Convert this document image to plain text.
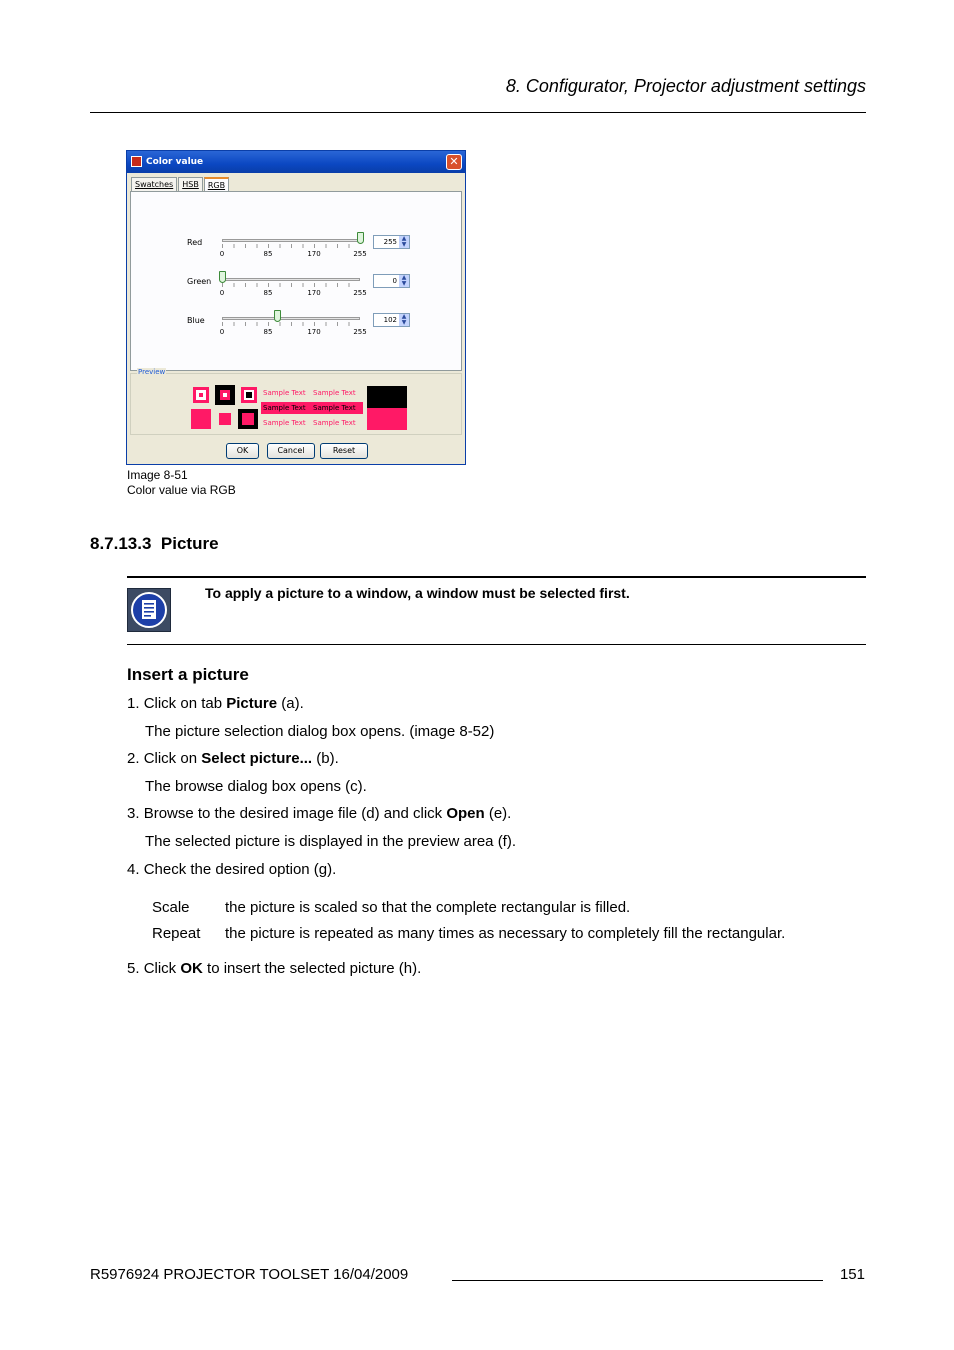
8. Configurator, Projector adjustment settings
Color value	✕
Swatches	HSB	RGB
Red
0	85	170	255
255 ▲
▼
Green
0	85	170	255
0 ▲
▼
Blue
0	85	170	255
102 ▲
▼
Preview
Sample Text Sample Text
Sample Text Sample Text
Sample Text Sample Text
OK	Cancel	Reset
Image 8-51
Color value via RGB
8.7.13.3 Picture
To apply a picture to a window, a window must be selected first.
Insert a picture
1. Click on tab Picture (a).
The picture selection dialog box opens. (image 8-52)
2. Click on Select picture... (b).
The browse dialog box opens (c).
3. Browse to the desired image file (d) and click Open (e).
The selected picture is displayed in the preview area (f).
4. Check the desired option (g).
Scale the picture is scaled so that the complete rectangular is filled.
Repeat the picture is repeated as many times as necessary to completely fill the rectangular.
5. Click OK to insert the selected picture (h).
R5976924 PROJECTOR TOOLSET 16/04/2009	151
